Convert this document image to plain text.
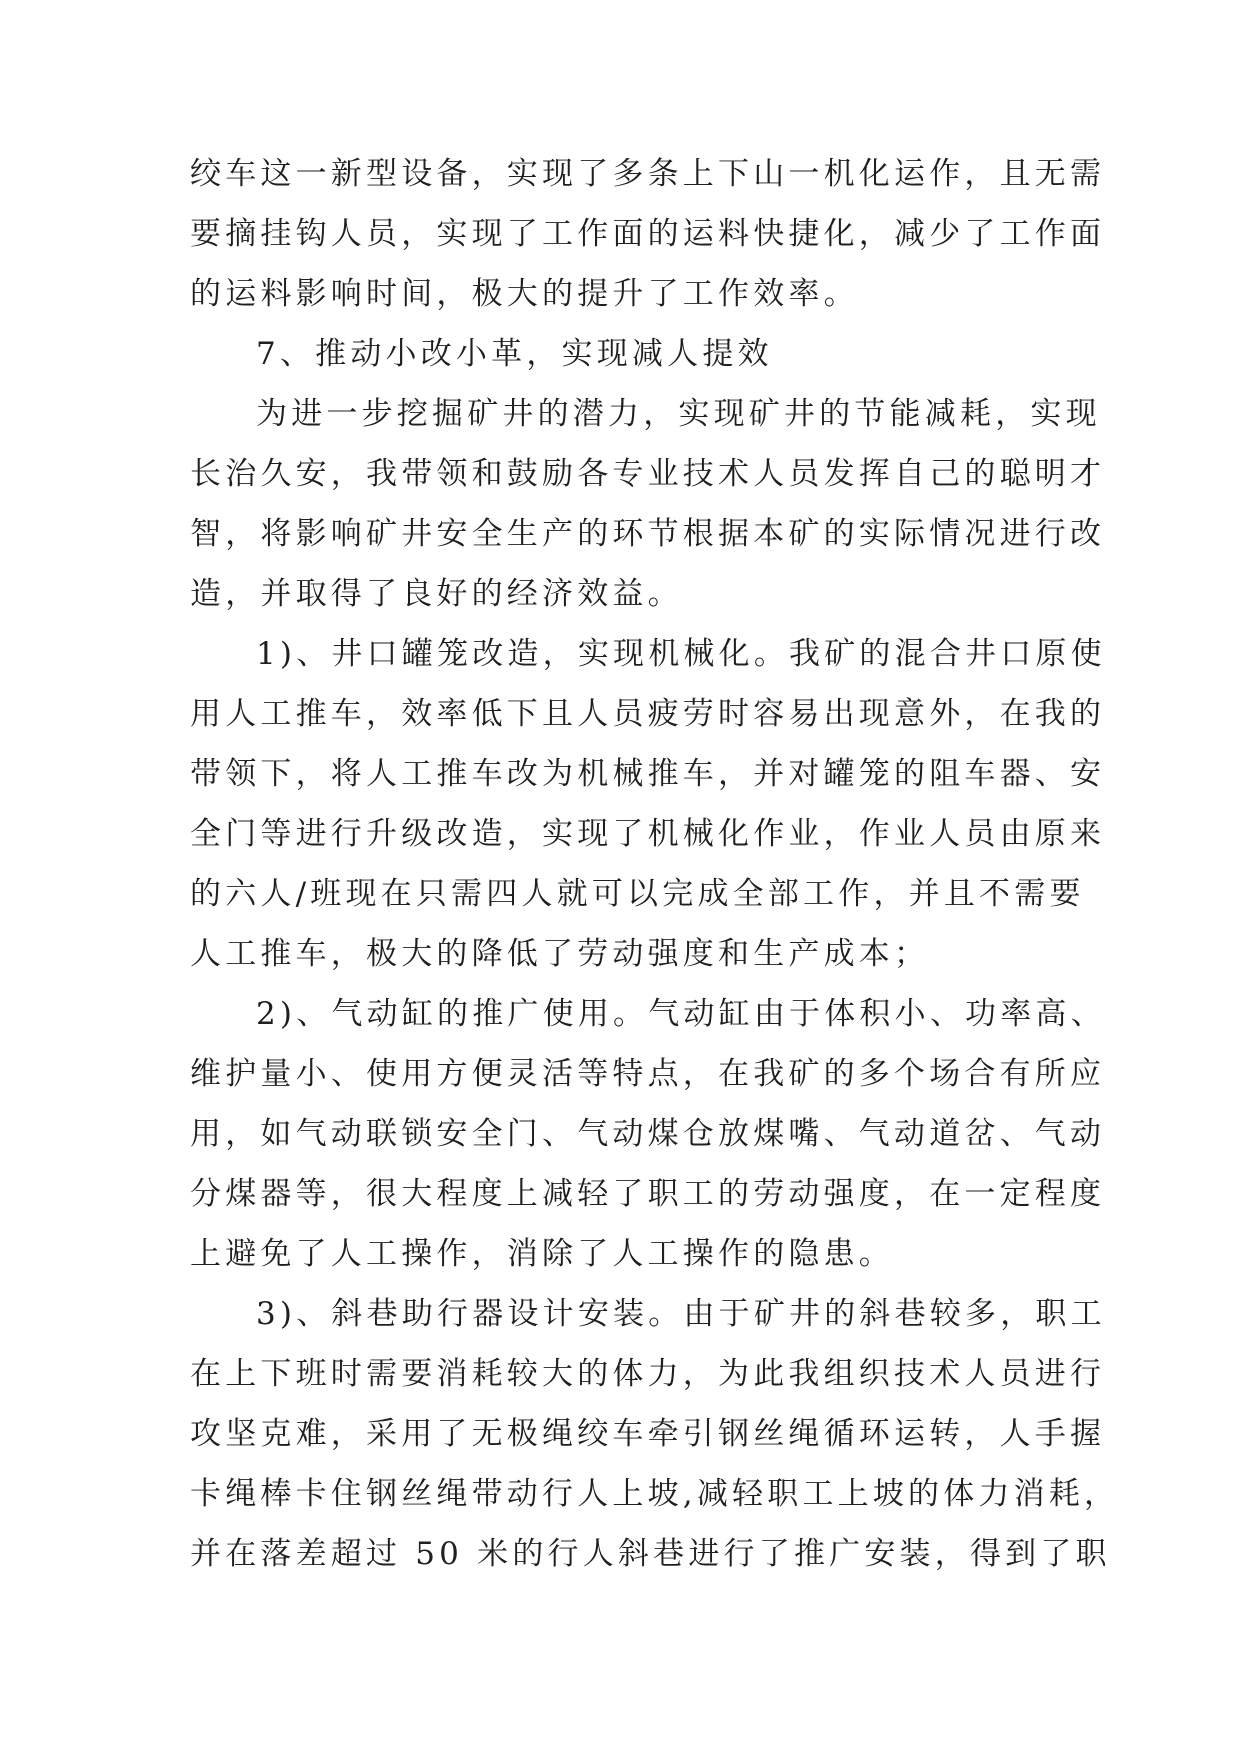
绞车这一新型设备，实现了多条上下山一机化运作，且无需
要摘挂钩人员，实现了工作面的运料快捷化，减少了工作面
的运料影响时间，极大的提升了工作效率。
7、推动小改小革，实现减人提效
为进一步挖掘矿井的潜力，实现矿井的节能减耗，实现
长治久安，我带领和鼓励各专业技术人员发挥自己的聪明才
智，将影响矿井安全生产的环节根据本矿的实际情况进行改
造，并取得了良好的经济效益。
1)、井口罐笼改造，实现机械化。我矿的混合井口原使
用人工推车，效率低下且人员疲劳时容易出现意外，在我的
带领下，将人工推车改为机械推车，并对罐笼的阻车器、安
全门等进行升级改造，实现了机械化作业，作业人员由原来
的六人/班现在只需四人就可以完成全部工作，并且不需要
人工推车，极大的降低了劳动强度和生产成本；
2)、气动缸的推广使用。气动缸由于体积小、功率高、
维护量小、使用方便灵活等特点，在我矿的多个场合有所应
用，如气动联锁安全门、气动煤仓放煤嘴、气动道岔、气动
分煤器等，很大程度上减轻了职工的劳动强度，在一定程度
上避免了人工操作，消除了人工操作的隐患。
3)、斜巷助行器设计安装。由于矿井的斜巷较多，职工
在上下班时需要消耗较大的体力，为此我组织技术人员进行
攻坚克难，采用了无极绳绞车牵引钢丝绳循环运转，人手握
卡绳棒卡住钢丝绳带动行人上坡,减轻职工上坡的体力消耗，
并在落差超过 50 米的行人斜巷进行了推广安装，得到了职
